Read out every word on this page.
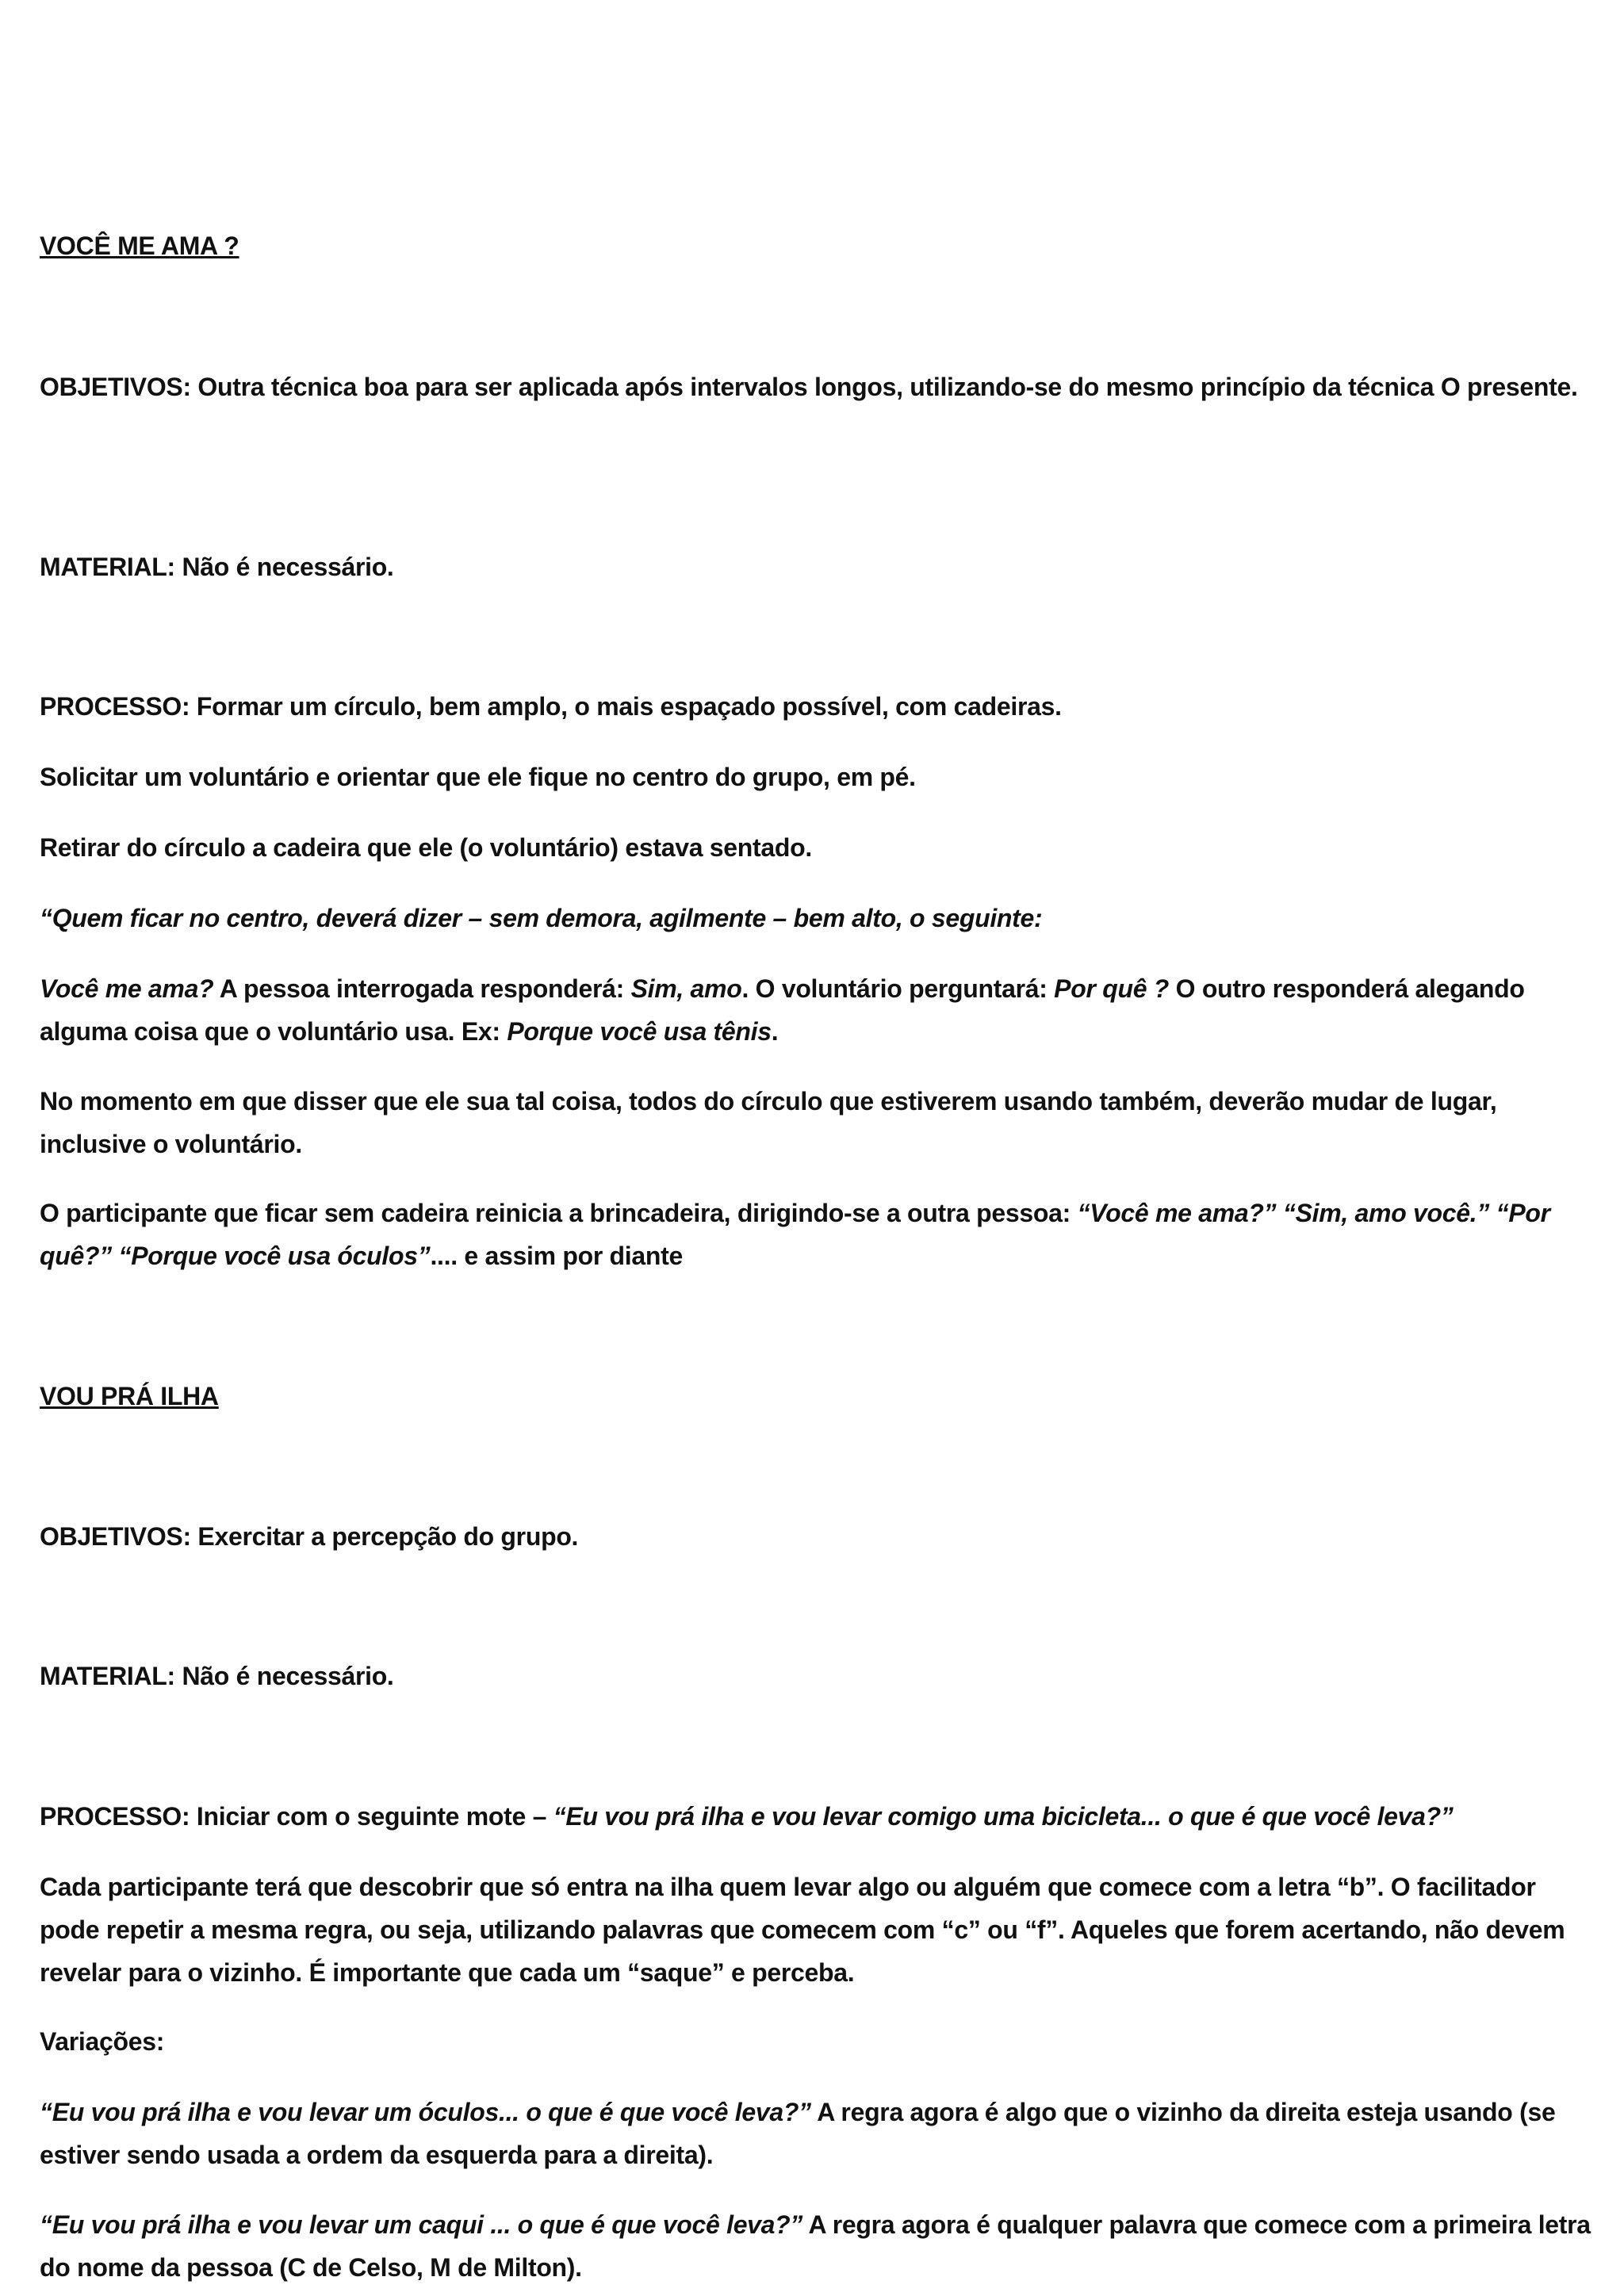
VOCÊ ME AMA ?

OBJETIVOS: Outra técnica boa para ser aplicada após intervalos longos, utilizando-se do mesmo princípio da técnica O presente.

MATERIAL: Não é necessário.

PROCESSO: Formar um círculo, bem amplo, o mais espaçado possível, com cadeiras.

Solicitar um voluntário e orientar que ele fique no centro do grupo, em pé.

Retirar do círculo a cadeira que ele (o voluntário) estava sentado.

“Quem ficar no centro, deverá dizer – sem demora, agilmente – bem alto, o seguinte:

Você me ama? A pessoa interrogada responderá: Sim, amo. O voluntário perguntará: Por quê ? O outro responderá alegando alguma coisa que o voluntário usa. Ex: Porque você usa tênis.

No momento em que disser que ele sua tal coisa, todos do círculo que estiverem usando também, deverão mudar de lugar, inclusive o voluntário.

O participante que ficar sem cadeira reinicia a brincadeira, dirigindo-se a outra pessoa: “Você me ama?” “Sim, amo você.” “Por quê?” “Porque você usa óculos”.... e assim por diante

VOU PRÁ ILHA

OBJETIVOS: Exercitar a percepção do grupo.

MATERIAL: Não é necessário.

PROCESSO: Iniciar com o seguinte mote – “Eu vou prá ilha e vou levar comigo uma bicicleta... o que é que você leva?”

Cada participante terá que descobrir que só entra na ilha quem levar algo ou alguém que comece com a letra “b”. O facilitador pode repetir a mesma regra, ou seja, utilizando palavras que comecem com “c” ou “f”. Aqueles que forem acertando, não devem revelar para o vizinho. É importante que cada um “saque” e perceba.

Variações:

“Eu vou prá ilha e vou levar um óculos... o que é que você leva?” A regra agora é algo que o vizinho da direita esteja usando (se estiver sendo usada a ordem da esquerda para a direita).

“Eu vou prá ilha e vou levar um caqui ... o que é que você leva?” A regra agora é qualquer palavra que comece com a primeira letra do nome da pessoa (C de Celso, M de Milton).
